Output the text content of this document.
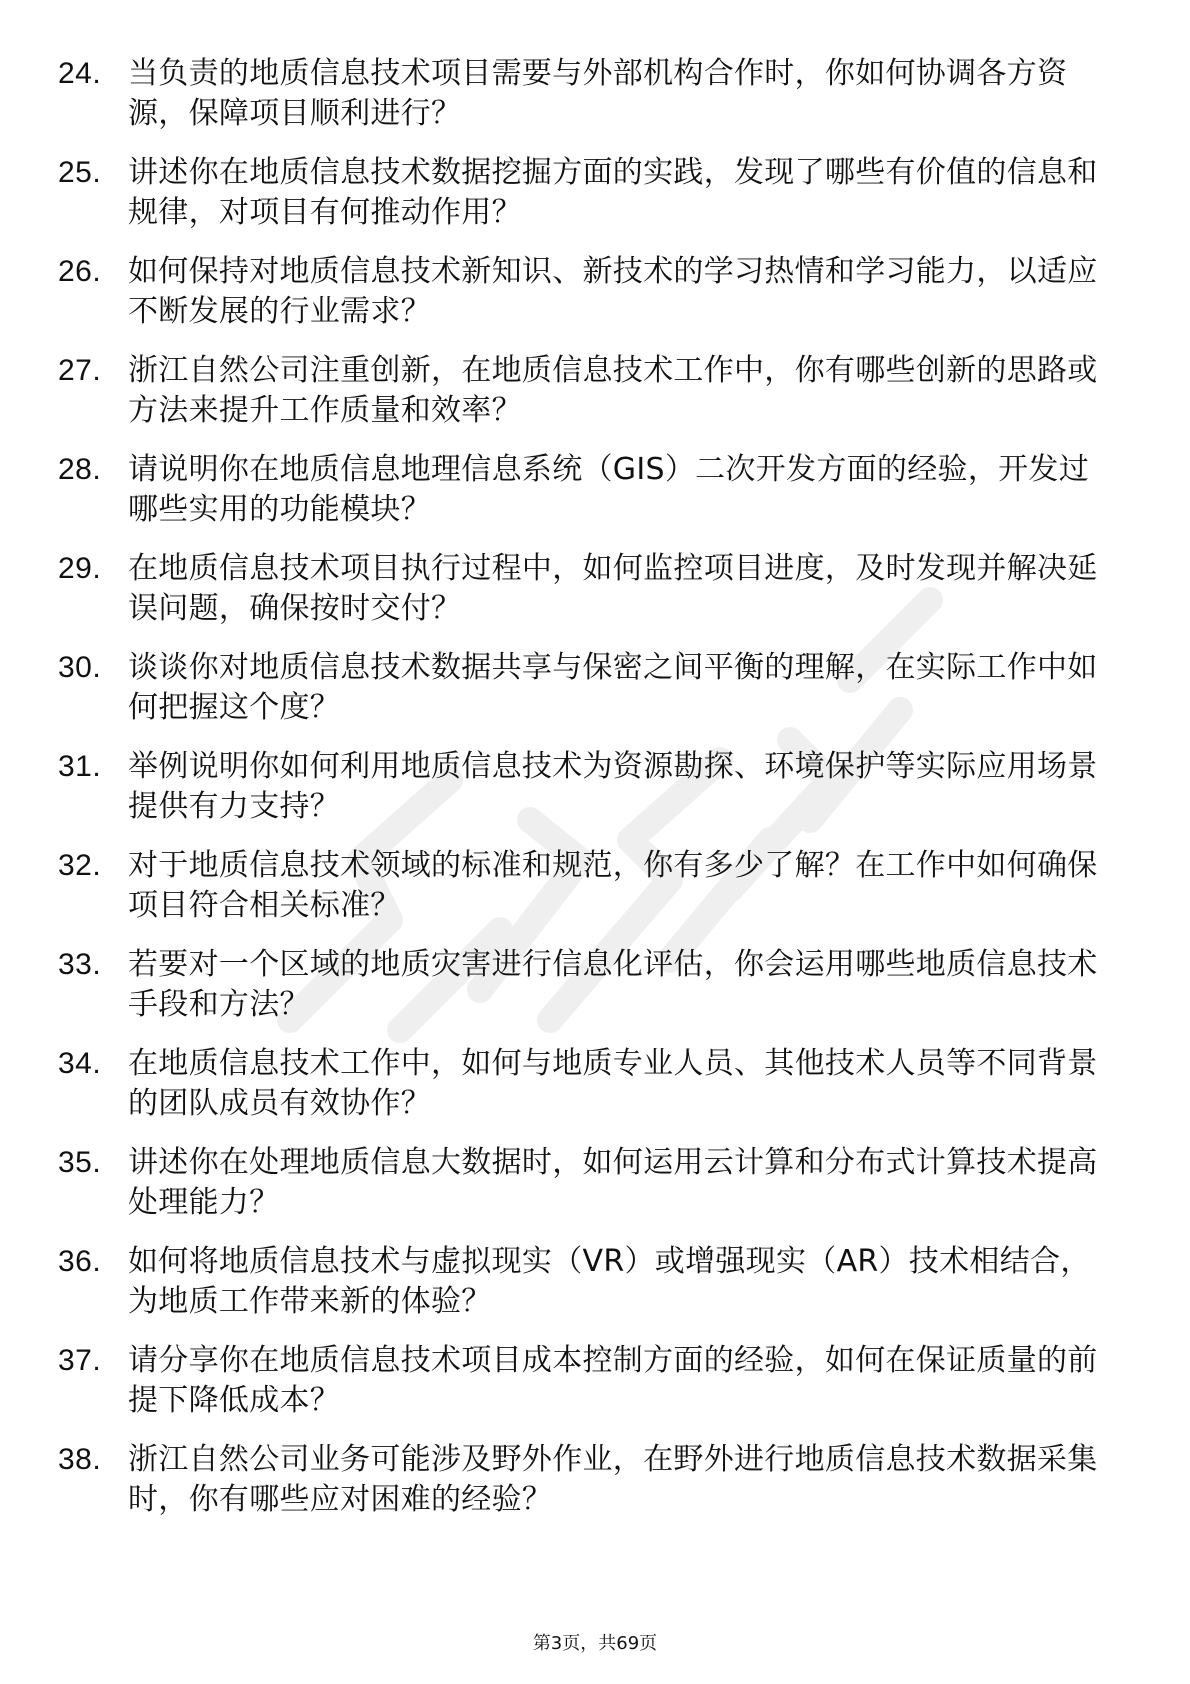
24. 当负责的地质信息技术项目需要与外部机构合作时，你如何协调各方资源，保障项目顺利进行？
25. 讲述你在地质信息技术数据挖掘方面的实践，发现了哪些有价值的信息和规律，对项目有何推动作用？
26. 如何保持对地质信息技术新知识、新技术的学习热情和学习能力，以适应不断发展的行业需求？
27. 浙江自然公司注重创新，在地质信息技术工作中，你有哪些创新的思路或方法来提升工作质量和效率？
28. 请说明你在地质信息地理信息系统（GIS）二次开发方面的经验，开发过哪些实用的功能模块？
29. 在地质信息技术项目执行过程中，如何监控项目进度，及时发现并解决延误问题，确保按时交付？
30. 谈谈你对地质信息技术数据共享与保密之间平衡的理解，在实际工作中如何把握这个度？
31. 举例说明你如何利用地质信息技术为资源勘探、环境保护等实际应用场景提供有力支持？
32. 对于地质信息技术领域的标准和规范，你有多少了解？在工作中如何确保项目符合相关标准？
33. 若要对一个区域的地质灾害进行信息化评估，你会运用哪些地质信息技术手段和方法？
34. 在地质信息技术工作中，如何与地质专业人员、其他技术人员等不同背景的团队成员有效协作？
35. 讲述你在处理地质信息大数据时，如何运用云计算和分布式计算技术提高处理能力？
36. 如何将地质信息技术与虚拟现实（VR）或增强现实（AR）技术相结合，为地质工作带来新的体验？
37. 请分享你在地质信息技术项目成本控制方面的经验，如何在保证质量的前提下降低成本？
38. 浙江自然公司业务可能涉及野外作业，在野外进行地质信息技术数据采集时，你有哪些应对困难的经验？
第3页，共69页
